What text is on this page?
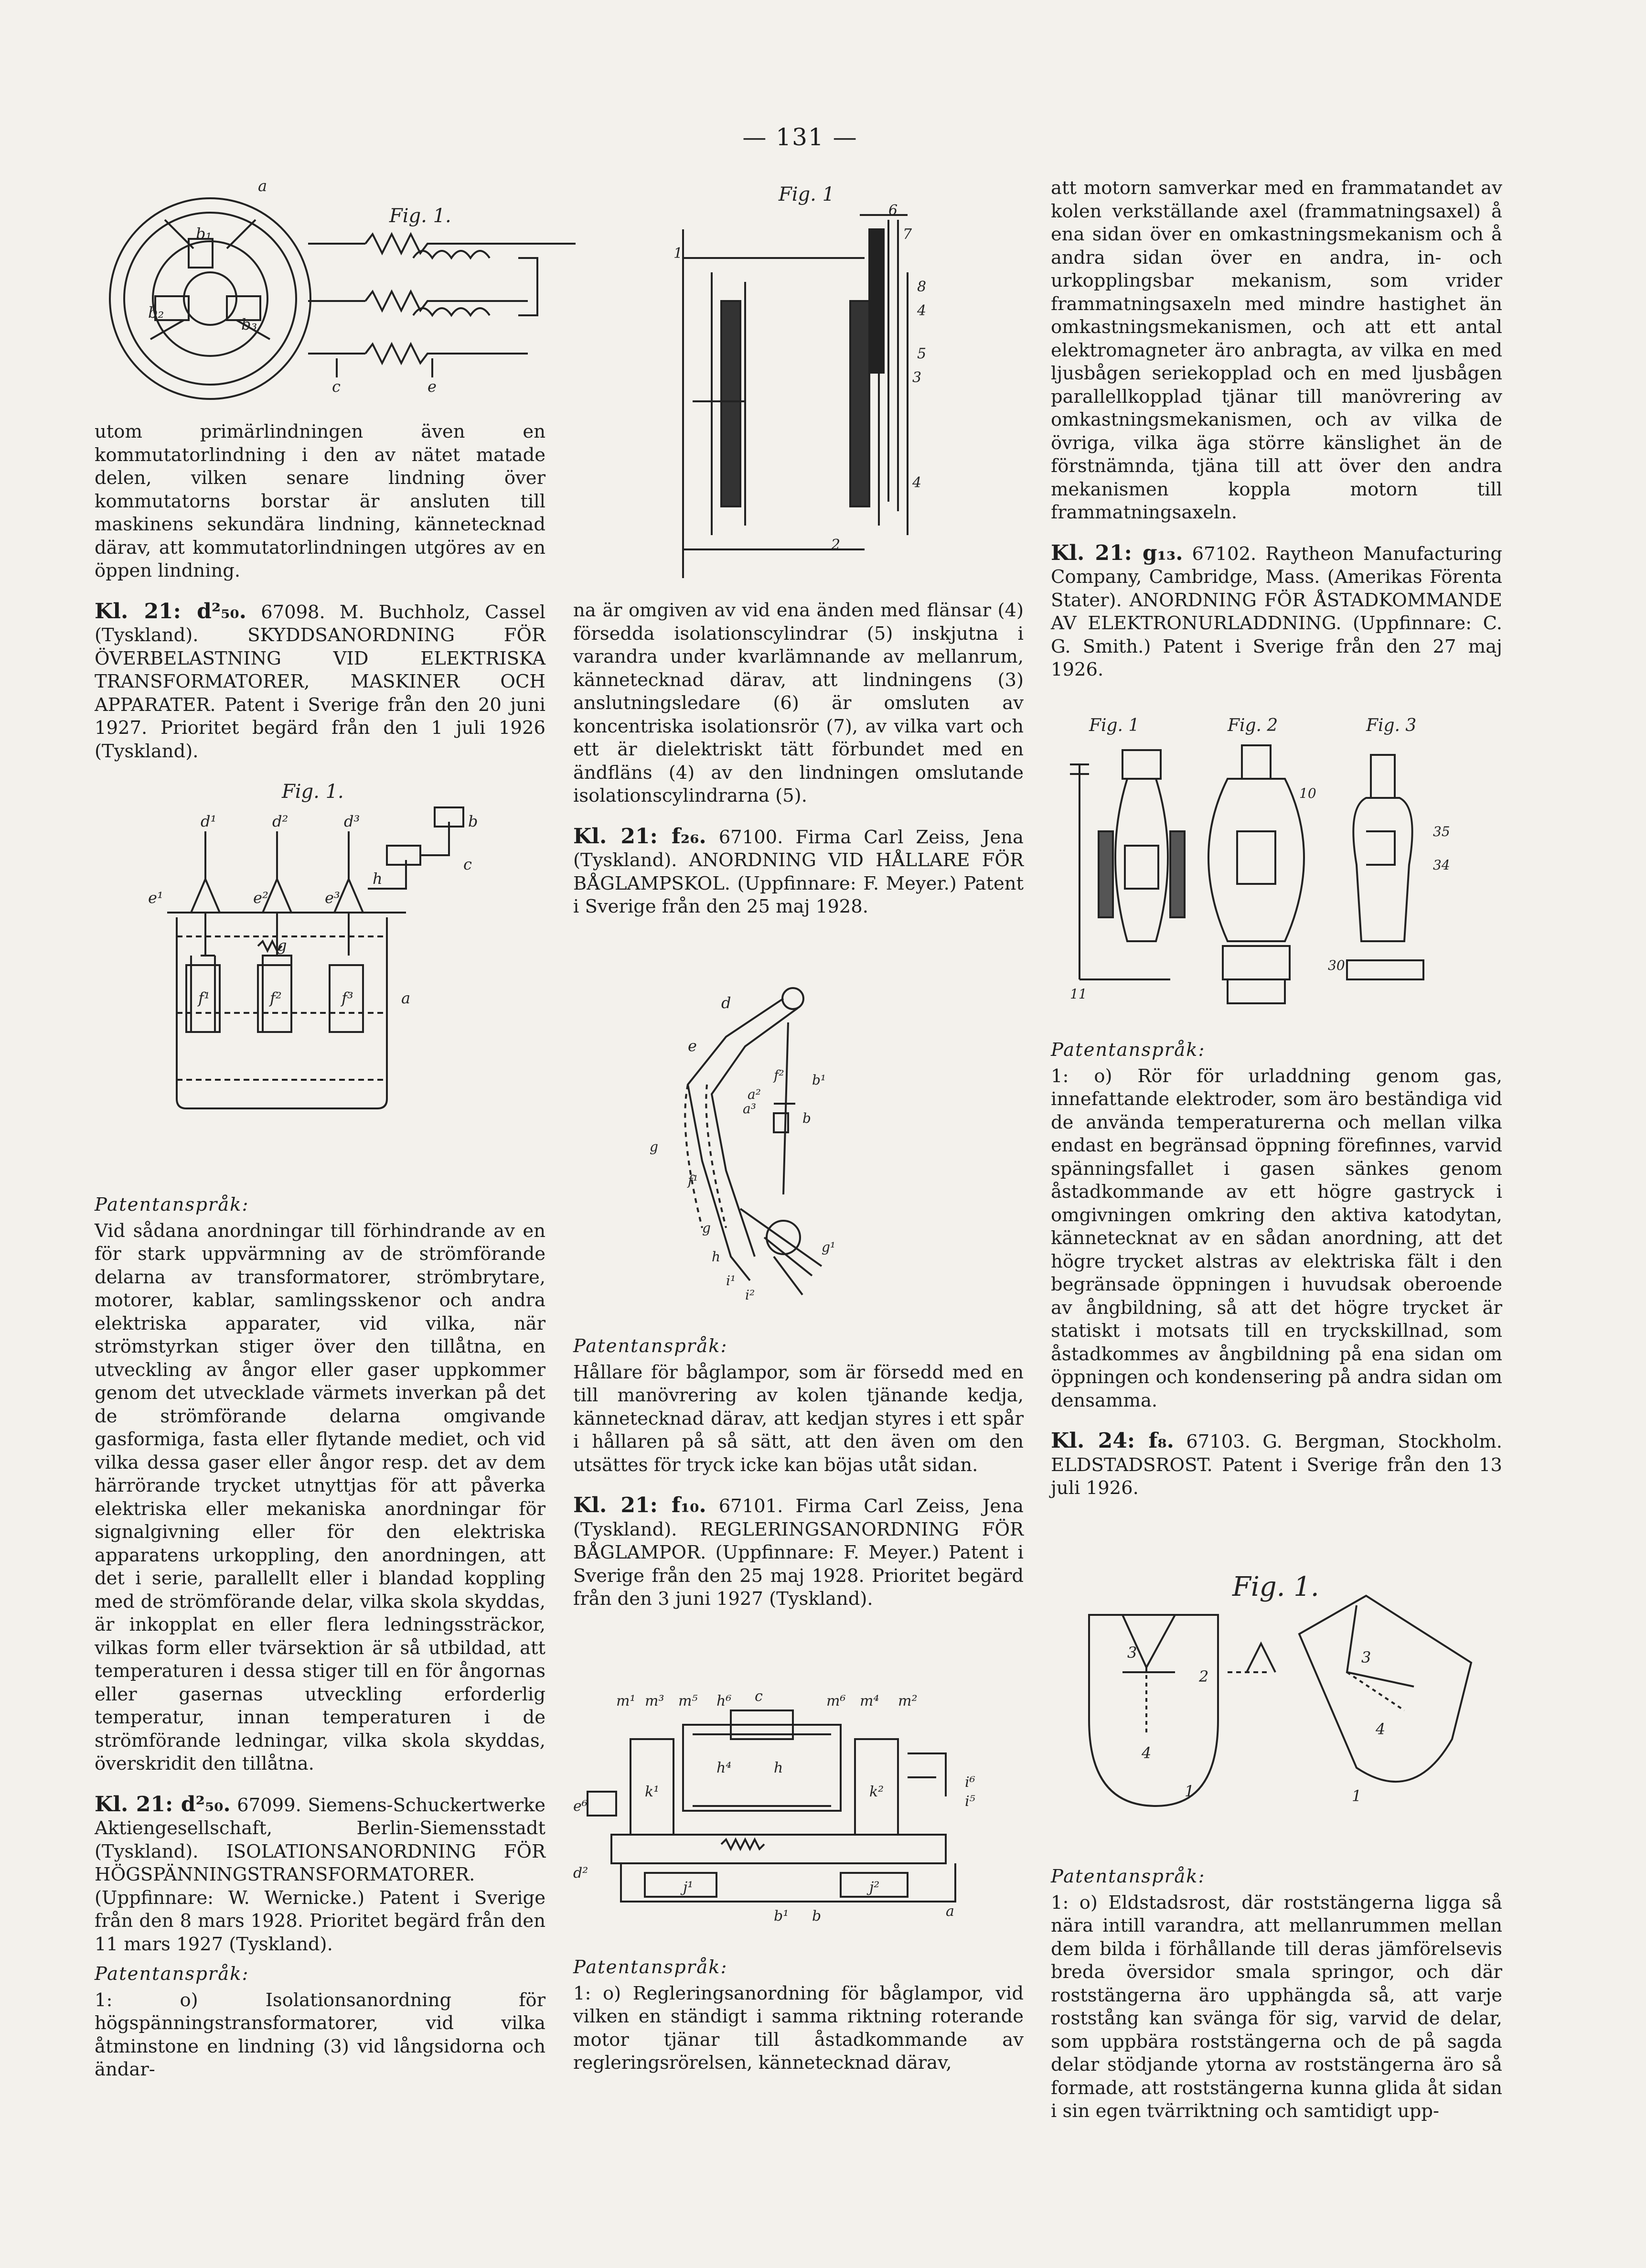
— 131 —
Fig. 1.
a
b₁
b₂
b₃
c	e

utom primärlindningen även en kommutatorlindning i den av nätet matade delen, vilken senare lindning över kommutatorns borstar är ansluten till maskinens sekundära lindning, kännetecknad därav, att kommutatorlindningen utgöres av en öppen lindning.

Kl. 21: d²₅₀. 67098. M. Buchholz, Cassel (Tyskland). SKYDDSANORDNING FÖR ÖVERBELASTNING VID ELEKTRISKA TRANSFORMATORER, MASKINER OCH APPARATER. Patent i Sverige från den 20 juni 1927. Prioritet begärd från den 1 juli 1926 (Tyskland).

Fig. 1.
d¹	d²	d³
e¹	e²	e³
f¹	f²	f³
g
a
h
c
b

Patentanspråk:

Vid sådana anordningar till förhindrande av en för stark uppvärmning av de strömförande delarna av transformatorer, strömbrytare, motorer, kablar, samlingsskenor och andra elektriska apparater, vid vilka, när strömstyrkan stiger över den tillåtna, en utveckling av ångor eller gaser uppkommer genom det utvecklade värmets inverkan på det de strömförande delarna omgivande gasformiga, fasta eller flytande mediet, och vid vilka dessa gaser eller ångor resp. det av dem härrörande trycket utnyttjas för att påverka elektriska eller mekaniska anordningar för signalgivning eller för den elektriska apparatens urkoppling, den anordningen, att det i serie, parallellt eller i blandad koppling med de strömförande delar, vilka skola skyddas, är inkopplat en eller flera ledningssträckor, vilkas form eller tvärsektion är så utbildad, att temperaturen i dessa stiger till en för ångornas eller gasernas utveckling erforderlig temperatur, innan temperaturen i de strömförande ledningar, vilka skola skyddas, överskridit den tillåtna.

Kl. 21: d²₅₀. 67099. Siemens-Schuckertwerke Aktiengesellschaft, Berlin-Siemensstadt (Tyskland). ISOLATIONSANORDNING FÖR HÖGSPÄNNINGSTRANSFORMATORER. (Uppfinnare: W. Wernicke.) Patent i Sverige från den 8 mars 1928. Prioritet begärd från den 11 mars 1927 (Tyskland).

Patentanspråk:

1: o) Isolationsanordning för högspänningstransformatorer, vid vilka åtminstone en lindning (3) vid långsidorna och ändar-

Fig. 1
6
7
8
4
5
3
4
2
1

na är omgiven av vid ena änden med flänsar (4) försedda isolationscylindrar (5) inskjutna i varandra under kvarlämnande av mellanrum, kännetecknad därav, att lindningens (3) anslutningsledare (6) är omsluten av koncentriska isolationsrör (7), av vilka vart och ett är dielektriskt tätt förbundet med en ändfläns (4) av den lindningen omslutande isolationscylindrarna (5).

Kl. 21: f₂₆. 67100. Firma Carl Zeiss, Jena (Tyskland). ANORDNING VID HÅLLARE FÖR BÅGLAMPSKOL. (Uppfinnare: F. Meyer.) Patent i Sverige från den 25 maj 1928.

d
e
a²
a³
f² b¹
b
g
f¹
g
g¹
h
i¹
i²

Patentanspråk:

Hållare för båglampor, som är försedd med en till manövrering av kolen tjänande kedja, kännetecknad därav, att kedjan styres i ett spår i hållaren på så sätt, att den även om den utsättes för tryck icke kan böjas utåt sidan.

Kl. 21: f₁₀. 67101. Firma Carl Zeiss, Jena (Tyskland). REGLERINGSANORDNING FÖR BÅGLAMPOR. (Uppfinnare: F. Meyer.) Patent i Sverige från den 25 maj 1928. Prioritet begärd från den 3 juni 1927 (Tyskland).

m¹ m³ m⁵ h⁶ c	m⁶ m⁴ m²
k¹	k²
h⁴	h
j¹	j²
e⁶
d²
b¹ b	a
i⁶
i⁵

Patentanspråk:

1: o) Regleringsanordning för båglampor, vid vilken en ständigt i samma riktning roterande motor tjänar till åstadkommande av regleringsrörelsen, kännetecknad därav,

att motorn samverkar med en frammatandet av kolen verkställande axel (frammatningsaxel) å ena sidan över en omkastningsmekanism och å andra sidan över en andra, in- och urkopplingsbar mekanism, som vrider frammatningsaxeln med mindre hastighet än omkastningsmekanismen, och att ett antal elektromagneter äro anbragta, av vilka en med ljusbågen seriekopplad och en med ljusbågen parallellkopplad tjänar till manövrering av omkastningsmekanismen, och av vilka de övriga, vilka äga större känslighet än de förstnämnda, tjäna till att över den andra mekanismen koppla motorn till frammatningsaxeln.

Kl. 21: g₁₃. 67102. Raytheon Manufacturing Company, Cambridge, Mass. (Amerikas Förenta Stater). ANORDNING FÖR ÅSTADKOMMANDE AV ELEKTRONURLADDNING. (Uppfinnare: C. G. Smith.) Patent i Sverige från den 27 maj 1926.

Fig. 1	Fig. 2	Fig. 3
11
10
35
34
30

Patentanspråk:

1: o) Rör för urladdning genom gas, innefattande elektroder, som äro beständiga vid de använda temperaturerna och mellan vilka endast en begränsad öppning förefinnes, varvid spänningsfallet i gasen sänkes genom åstadkommande av ett högre gastryck i omgivningen omkring den aktiva katodytan, kännetecknat av en sådan anordning, att det högre trycket alstras av elektriska fält i den begränsade öppningen i huvudsak oberoende av ångbildning, så att det högre trycket är statiskt i motsats till en tryckskillnad, som åstadkommes av ångbildning på ena sidan om öppningen och kondensering på andra sidan om densamma.

Kl. 24: f₈. 67103. G. Bergman, Stockholm. ELDSTADSROST. Patent i Sverige från den 13 juli 1926.

Fig. 1.
3
2
4
1
3
4
1

Patentanspråk:

1: o) Eldstadsrost, där roststängerna ligga så nära intill varandra, att mellanrummen mellan dem bilda i förhållande till deras jämförelsevis breda översidor smala springor, och där roststängerna äro upphängda så, att varje roststång kan svänga för sig, varvid de delar, som uppbära roststängerna och de på sagda delar stödjande ytorna av roststängerna äro så formade, att roststängerna kunna glida åt sidan i sin egen tvärriktning och samtidigt upp-
